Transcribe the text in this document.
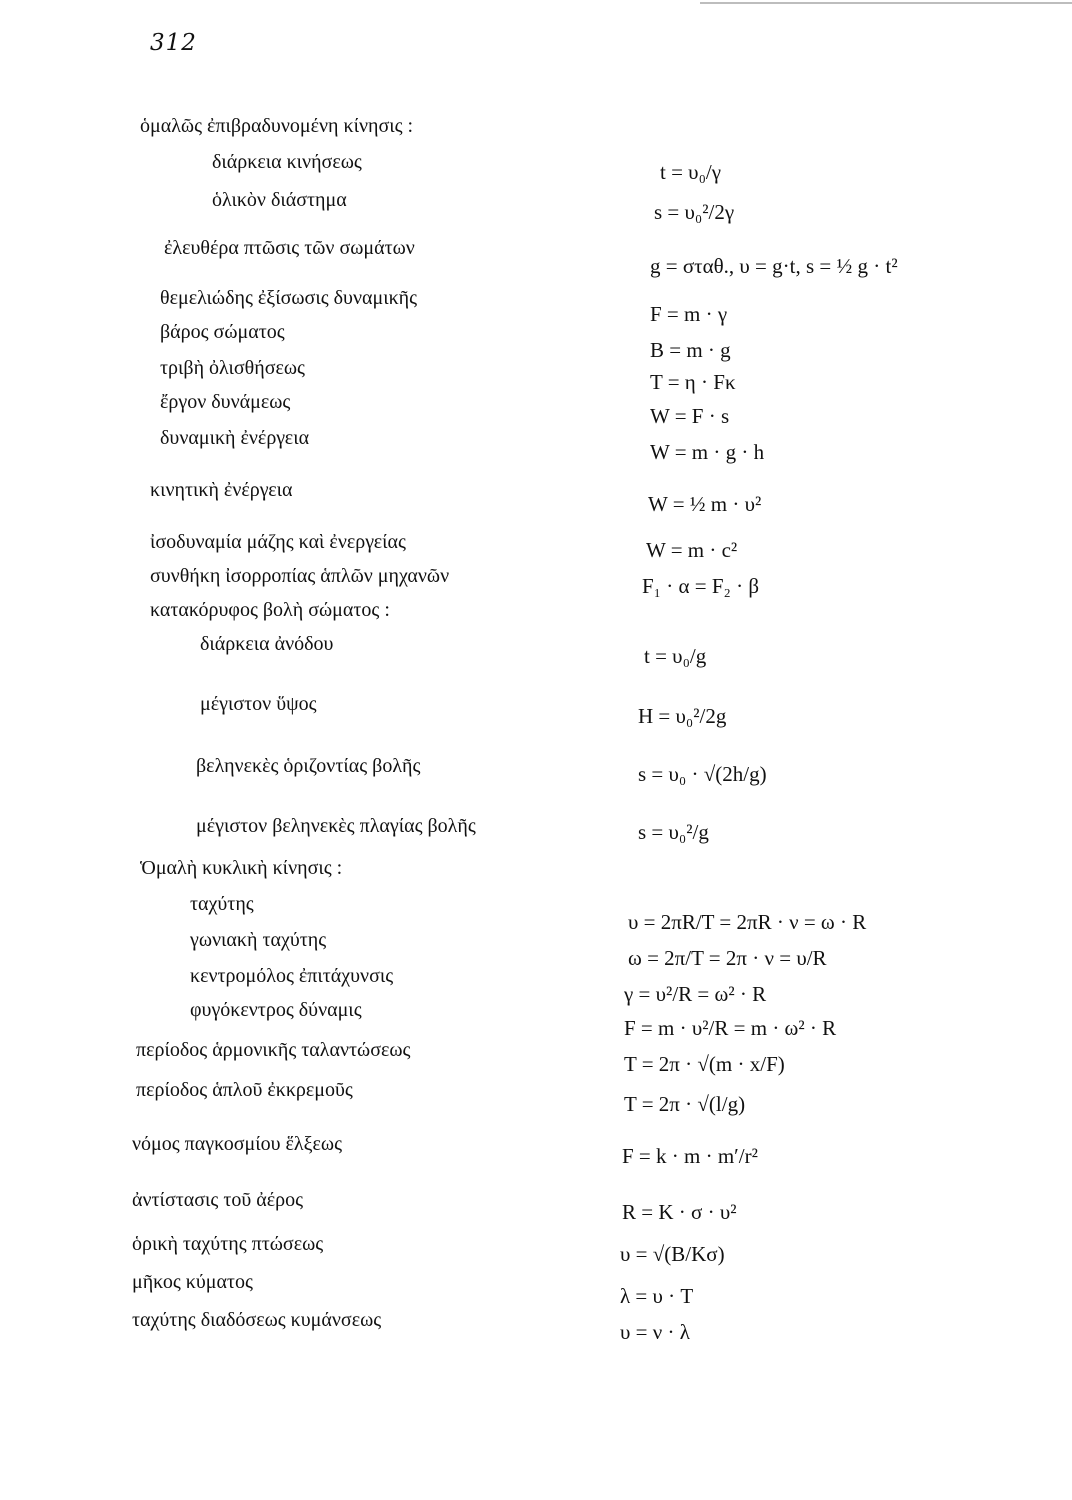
312
ὁμαλῶς ἐπιβραδυνομένη κίνησις :
διάρκεια κινήσεως
ὁλικὸν διάστημα
ἐλευθέρα πτῶσις τῶν σωμάτων
θεμελιώδης ἐξίσωσις δυναμικῆς
βάρος σώματος
τριβὴ ὀλισθήσεως
ἔργον δυνάμεως
δυναμικὴ ἐνέργεια
κινητικὴ ἐνέργεια
ἰσοδυναμία μάζης καὶ ἐνεργείας
συνθήκη ἰσορροπίας ἁπλῶν μηχανῶν
κατακόρυφος βολὴ σώματος :
διάρκεια ἀνόδου
μέγιστον ὕψος
βεληνεκὲς ὁριζοντίας βολῆς
μέγιστον βεληνεκὲς πλαγίας βολῆς
Ὁμαλὴ κυκλικὴ κίνησις :
ταχύτης
γωνιακὴ ταχύτης
κεντρομόλος ἐπιτάχυνσις
φυγόκεντρος δύναμις
περίοδος ἁρμονικῆς ταλαντώσεως
περίοδος ἁπλοῦ ἐκκρεμοῦς
νόμος παγκοσμίου ἕλξεως
ἀντίστασις τοῦ ἀέρος
ὁρικὴ ταχύτης πτώσεως
μῆκος κύματος
ταχύτης διαδόσεως κυμάνσεως
t = υ₀/γ
s = υ₀²/2γ
g = σταθ., υ = g·t, s = ½ g · t²
F = m · γ
B = m · g
T = η · Fκ
W = F · s
W = m · g · h
W = ½ m · υ²
W = m · c²
F₁ · α = F₂ · β
t = υ₀/g
H = υ₀²/2g
s = υ₀ · √(2h/g)
s = υ₀²/g
υ = 2πR/T = 2πR · ν = ω · R
ω = 2π/T = 2π · ν = υ/R
γ = υ²/R = ω² · R
F = m · υ²/R = m · ω² · R
T = 2π · √(m · x/F)
T = 2π · √(l/g)
F = k · m · m′/r²
R = K · σ · υ²
υ = √(B/Kσ)
λ = υ · T
υ = ν · λ
